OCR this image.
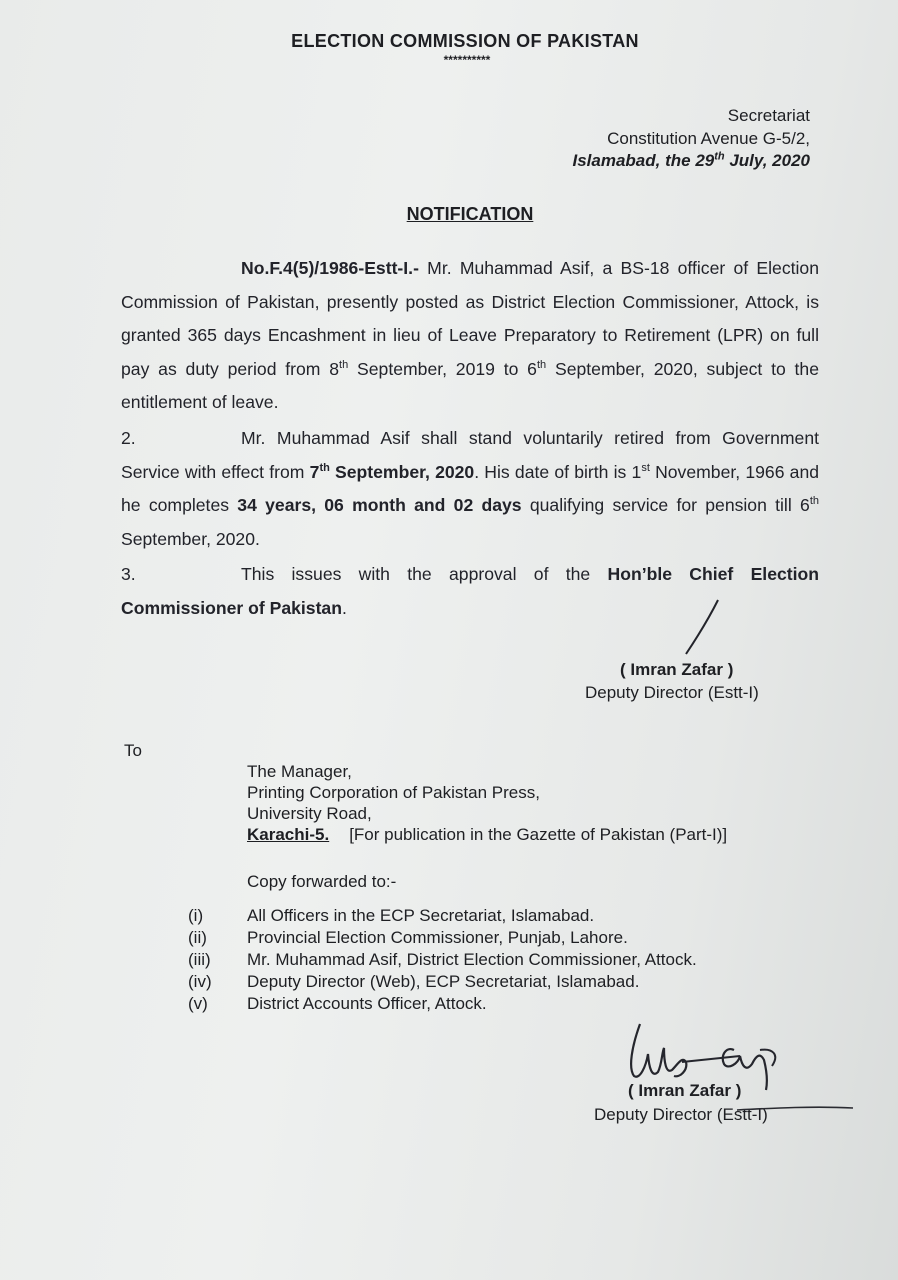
ELECTION COMMISSION OF PAKISTAN
**********
Secretariat
Constitution Avenue G-5/2,
Islamabad, the 29th July, 2020
NOTIFICATION
No.F.4(5)/1986-Estt-I.- Mr. Muhammad Asif, a BS-18 officer of Election Commission of Pakistan, presently posted as District Election Commissioner, Attock, is granted 365 days Encashment in lieu of Leave Preparatory to Retirement (LPR) on full pay as duty period from 8th September, 2019 to 6th September, 2020, subject to the entitlement of leave.
2.	Mr. Muhammad Asif shall stand voluntarily retired from Government Service with effect from 7th September, 2020. His date of birth is 1st November, 1966 and he completes 34 years, 06 month and 02 days qualifying service for pension till 6th September, 2020.
3.	This issues with the approval of the Hon’ble Chief Election Commissioner of Pakistan.
( Imran Zafar )
Deputy Director (Estt-I)
To
The Manager,
Printing Corporation of Pakistan Press,
University Road,
Karachi-5. [For publication in the Gazette of Pakistan (Part-I)]
Copy forwarded to:-
(i)	All Officers in the ECP Secretariat, Islamabad.
(ii) Provincial Election Commissioner, Punjab, Lahore.
(iii) Mr. Muhammad Asif, District Election Commissioner, Attock.
(iv) Deputy Director (Web), ECP Secretariat, Islamabad.
(v) District Accounts Officer, Attock.
( Imran Zafar )
Deputy Director (Estt-I)
